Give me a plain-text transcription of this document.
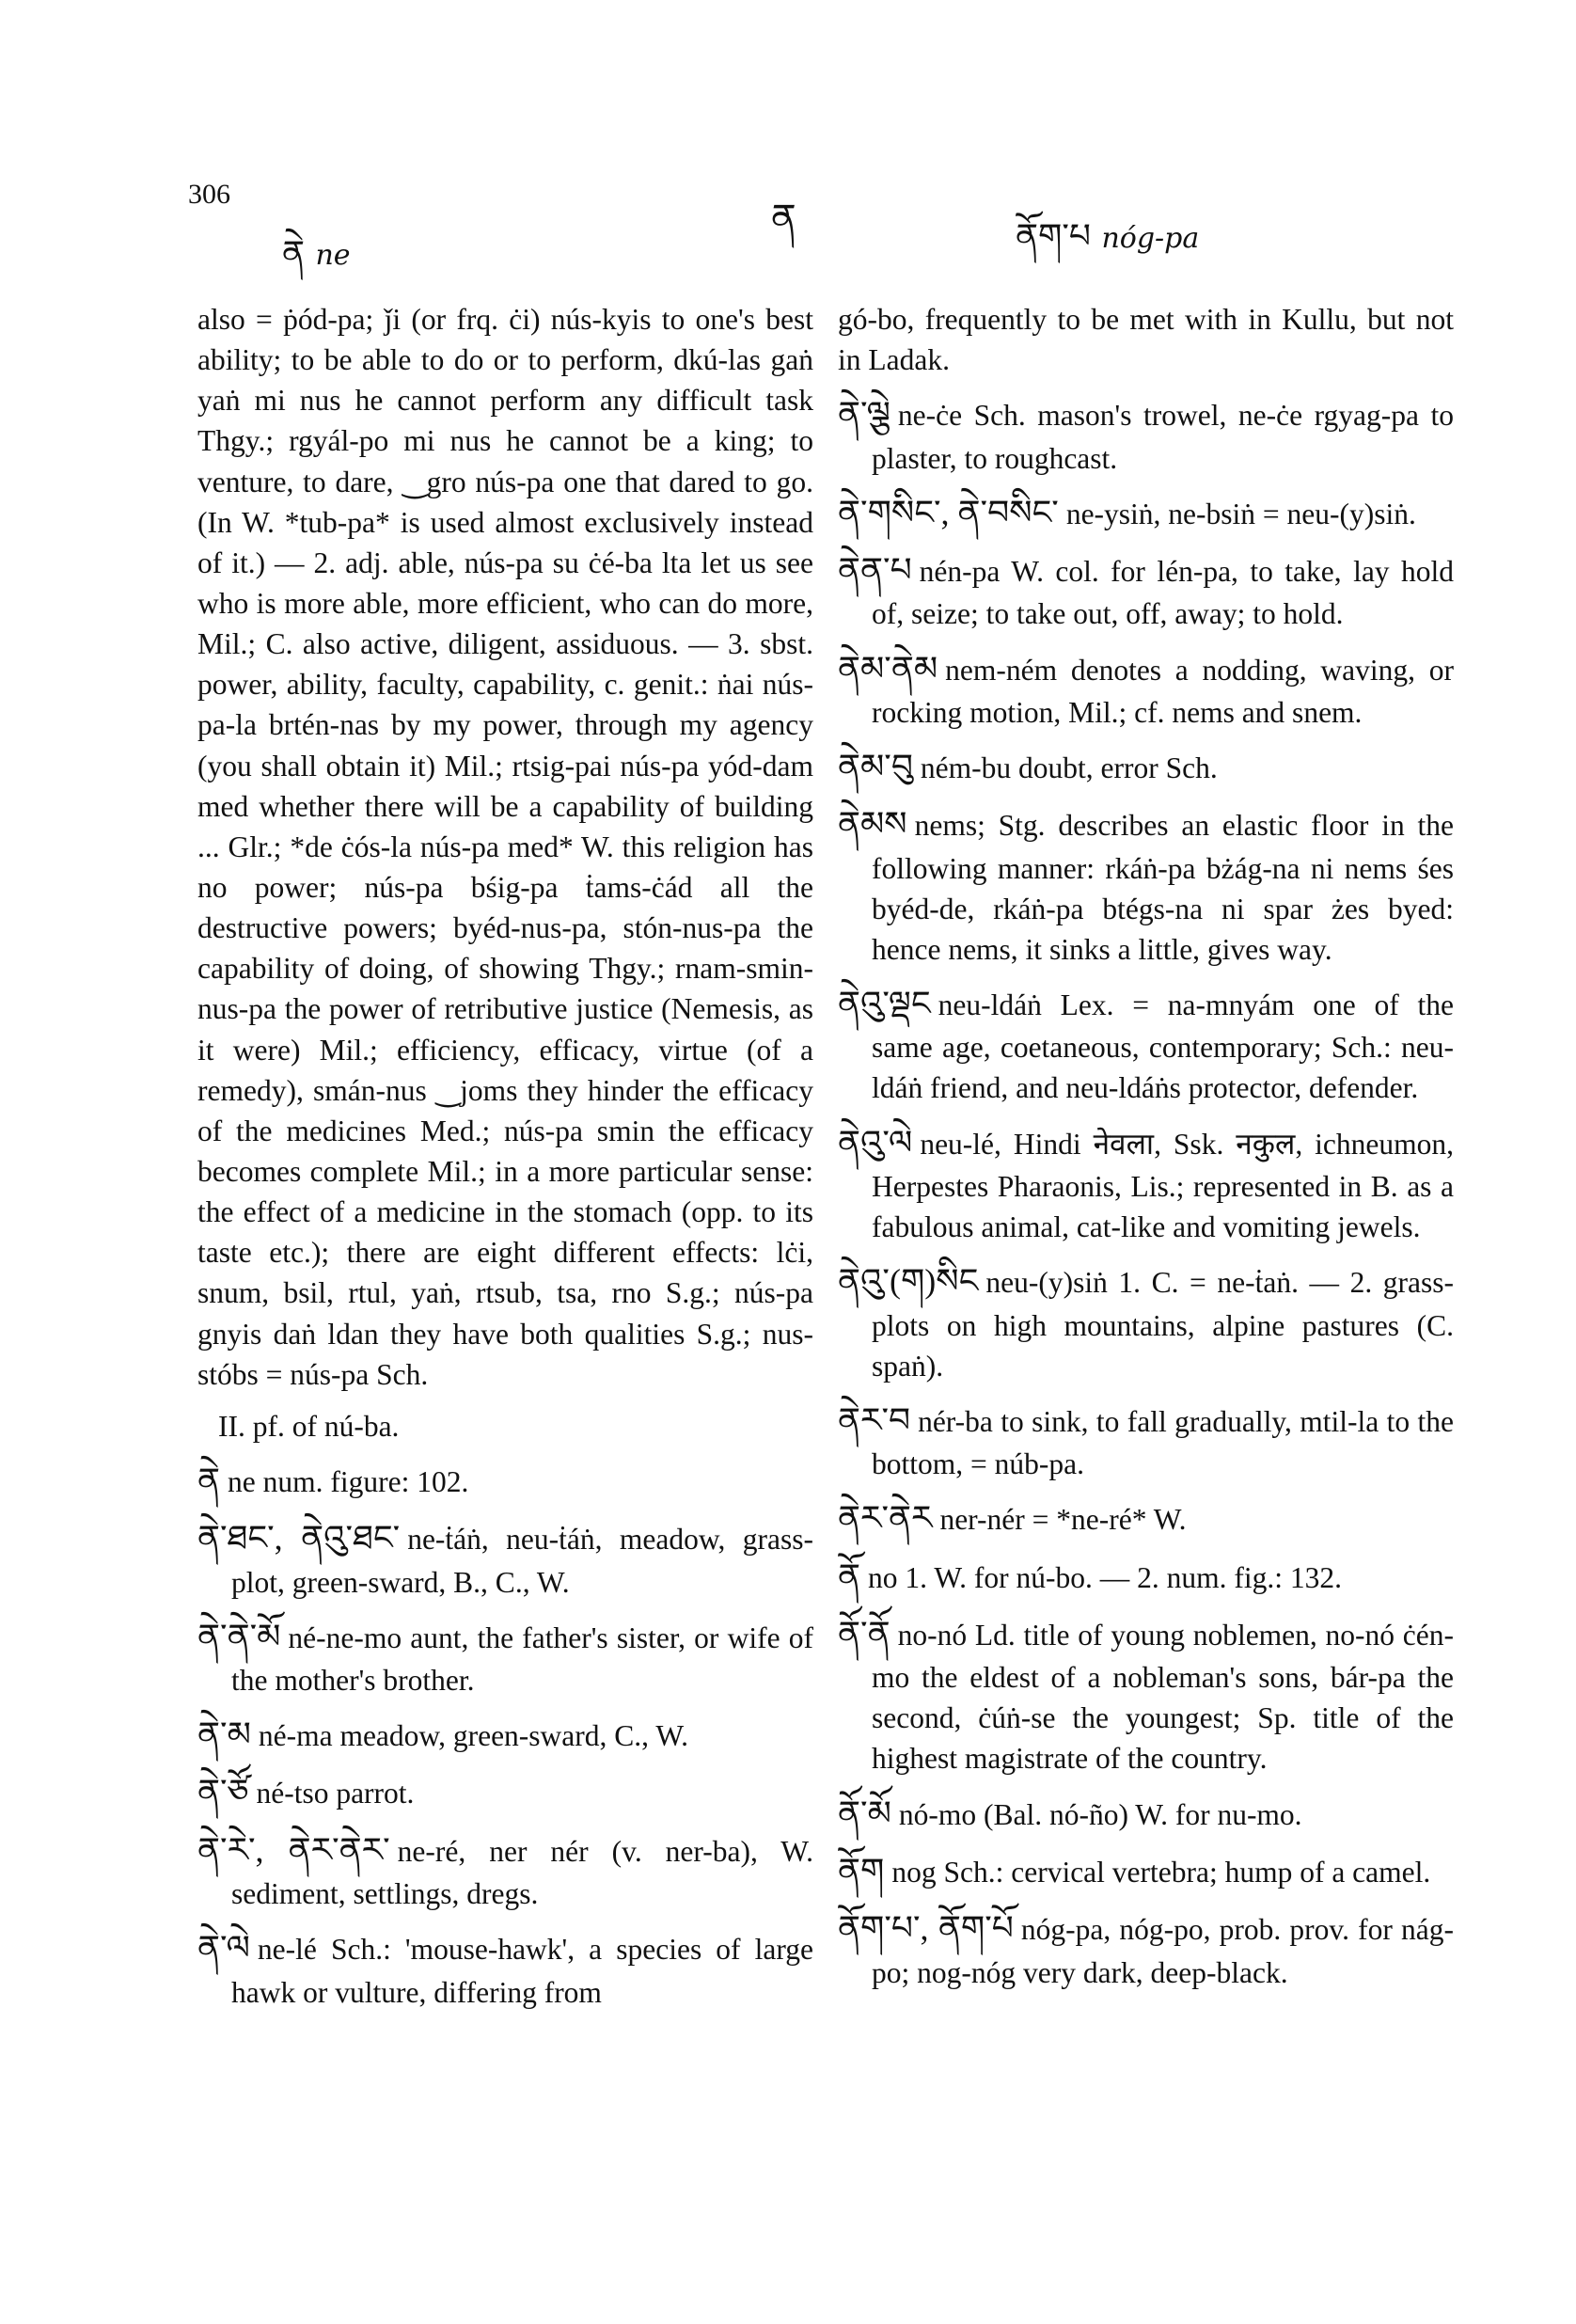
306
ནེ ne
ན	ནོག་པ nóg-pa

also = ṗód-pa; ǰi (or frq. ċi) nús-kyis to one's best ability; to be able to do or to perform, dkú-las gaṅ yaṅ mi nus he cannot perform any difficult task Thgy.; rgyál-po mi nus he cannot be a king; to venture, to dare, ‿gro nús-pa one that dared to go. (In W. *tub-pa* is used almost exclusively instead of it.) — 2. adj. able, nús-pa su ċé-ba lta let us see who is more able, more efficient, who can do more, Mil.; C. also active, diligent, assiduous. — 3. sbst. power, ability, faculty, capability, c. genit.: ṅai nús-pa-la brtén-nas by my power, through my agency (you shall obtain it) Mil.; rtsig-pai nús-pa yód-dam med whether there will be a capability of building ... Glr.; *de ċós-la nús-pa med* W. this religion has no power; nús-pa bśig-pa ṫams-ċád all the destructive powers; byéd-nus-pa, stón-nus-pa the capability of doing, of showing Thgy.; rnam-smin-nus-pa the power of retributive justice (Nemesis, as it were) Mil.; efficiency, efficacy, virtue (of a remedy), smán-nus ‿joms they hinder the efficacy of the medicines Med.; nús-pa smin the efficacy becomes complete Mil.; in a more particular sense: the effect of a medicine in the stomach (opp. to its taste etc.); there are eight different effects: lċi, snum, bsil, rtul, yaṅ, rtsub, tsa, rno S.g.; nús-pa gnyis daṅ ldan they have both qualities S.g.; nus-stóbs = nús-pa Sch.

II. pf. of nú-ba.

ནེ ne num. figure: 102.

ནེ་ཐང་, ནེའུ་ཐང་ ne-ṫáṅ, neu-ṫáṅ, meadow, grass-plot, green-sward, B., C., W.

ནེ་ནེ་མོ né-ne-mo aunt, the father's sister, or wife of the mother's brother.

ནེ་མ né-ma meadow, green-sward, C., W.

ནེ་ཙོ né-tso parrot.

ནེ་རེ་, ནེར་ནེར་ ne-ré, ner nér (v. ner-ba), W. sediment, settlings, dregs.

ནེ་ལེ ne-lé Sch.: 'mouse-hawk', a species of large hawk or vulture, differing from

gó-bo, frequently to be met with in Kullu, but not in Ladak.

ནེ་ལྕེ ne-ċe Sch. mason's trowel, ne-ċe rgyag-pa to plaster, to roughcast.

ནེ་གསིང་, ནེ་བསིང་ ne-ysiṅ, ne-bsiṅ = neu-(y)siṅ.

ནེན་པ nén-pa W. col. for lén-pa, to take, lay hold of, seize; to take out, off, away; to hold.

ནེམ་ནེམ nem-ném denotes a nodding, waving, or rocking motion, Mil.; cf. nems and snem.

ནེམ་བུ ném-bu doubt, error Sch.

ནེམས nems; Stg. describes an elastic floor in the following manner: rkáṅ-pa bżág-na ni nems śes byéd-de, rkáṅ-pa btégs-na ni spar żes byed: hence nems, it sinks a little, gives way.

ནེའུ་ལྡང neu-ldáṅ Lex. = na-mnyám one of the same age, coetaneous, contemporary; Sch.: neu-ldáṅ friend, and neu-ldáṅs protector, defender.

ནེའུ་ལེ neu-lé, Hindi नेवला, Ssk. नकुल, ichneumon, Herpestes Pharaonis, Lis.; represented in B. as a fabulous animal, cat-like and vomiting jewels.

ནེའུ་(ག)སིང neu-(y)siṅ 1. C. = ne-ṫaṅ. — 2. grass-plots on high mountains, alpine pastures (C. spaṅ).

ནེར་བ nér-ba to sink, to fall gradually, mtil-la to the bottom, = núb-pa.

ནེར་ནེར ner-nér = *ne-ré* W.

ནོ no 1. W. for nú-bo. — 2. num. fig.: 132.

ནོ་ནོ no-nó Ld. title of young noblemen, no-nó ċén-mo the eldest of a nobleman's sons, bár-pa the second, ċúṅ-se the youngest; Sp. title of the highest magistrate of the country.

ནོ་མོ nó-mo (Bal. nó-ño) W. for nu-mo.

ནོག nog Sch.: cervical vertebra; hump of a camel.

ནོག་པ་, ནོག་པོ nóg-pa, nóg-po, prob. prov. for nág-po; nog-nóg very dark, deep-black.
